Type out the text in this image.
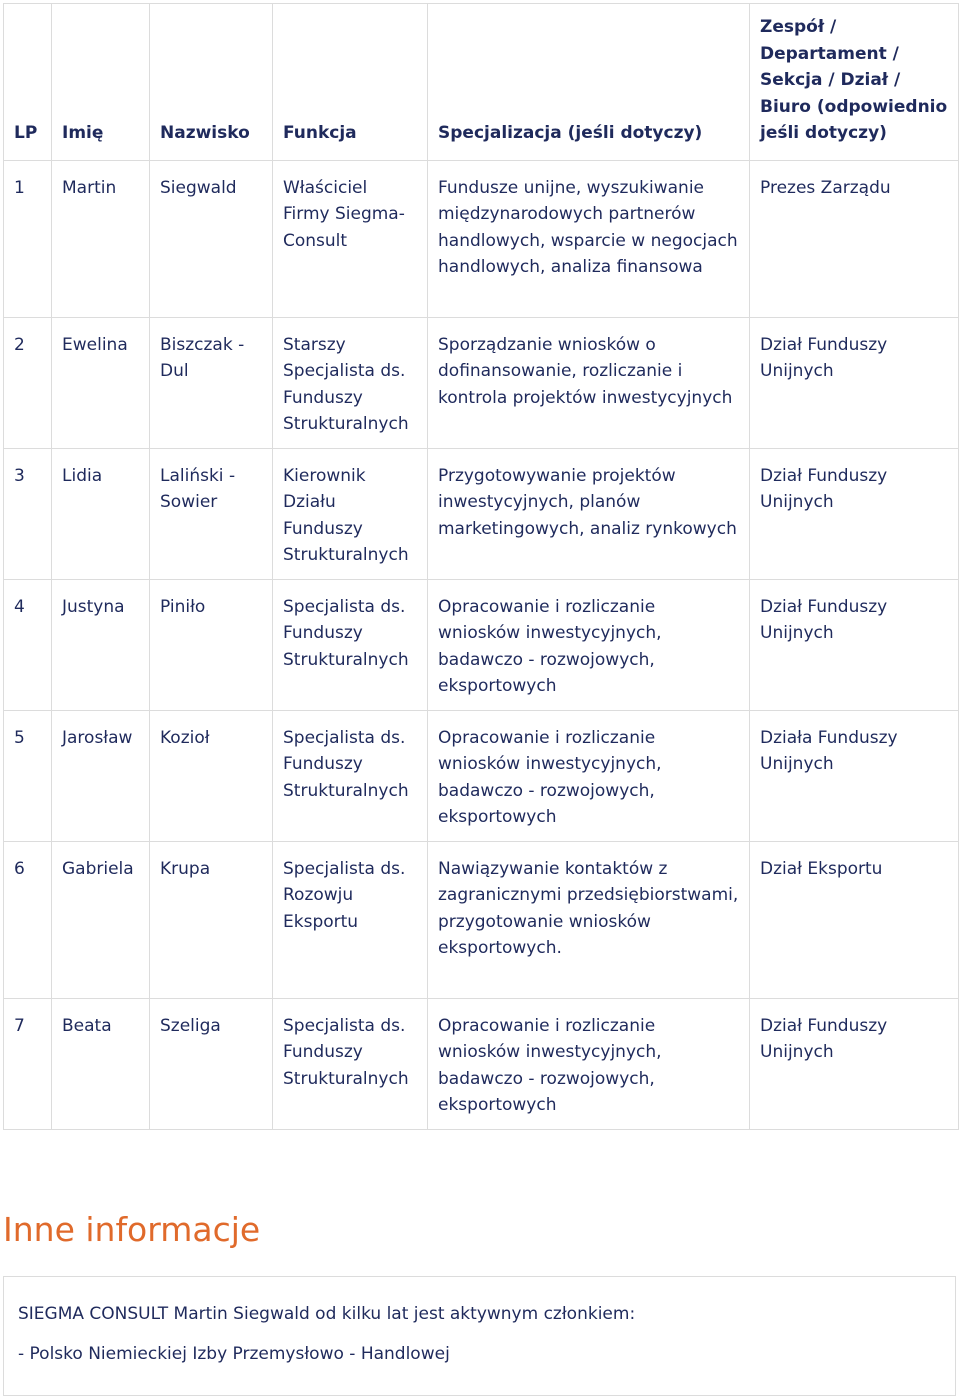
LP	Imię	Nazwisko	Funkcja	Specjalizacja (jeśli dotyczy)	Zespół / Departament / Sekcja / Dział / Biuro (odpowiednio jeśli dotyczy)
1	Martin	Siegwald	Właściciel Firmy Siegma-Consult	Fundusze unijne, wyszukiwanie międzynarodowych partnerów handlowych, wsparcie w negocjach handlowych, analiza finansowa	Prezes Zarządu
2	Ewelina	Biszczak - Dul	Starszy Specjalista ds. Funduszy Strukturalnych	Sporządzanie wniosków o dofinansowanie, rozliczanie i kontrola projektów inwestycyjnych	Dział Funduszy Unijnych
3	Lidia	Laliński - Sowier	Kierownik Działu Funduszy Strukturalnych	Przygotowywanie projektów inwestycyjnych, planów marketingowych, analiz rynkowych	Dział Funduszy Unijnych
4	Justyna	Piniło	Specjalista ds. Funduszy Strukturalnych	Opracowanie i rozliczanie wniosków inwestycyjnych, badawczo - rozwojowych, eksportowych	Dział Funduszy Unijnych
5	Jarosław	Kozioł	Specjalista ds. Funduszy Strukturalnych	Opracowanie i rozliczanie wniosków inwestycyjnych, badawczo - rozwojowych, eksportowych	Działa Funduszy Unijnych
6	Gabriela	Krupa	Specjalista ds. Rozowju Eksportu	Nawiązywanie kontaktów z zagranicznymi przedsiębiorstwami, przygotowanie wniosków eksportowych.	Dział Eksportu
7	Beata	Szeliga	Specjalista ds. Funduszy Strukturalnych	Opracowanie i rozliczanie wniosków inwestycyjnych, badawczo - rozwojowych, eksportowych	Dział Funduszy Unijnych
Inne informacje

SIEGMA CONSULT Martin Siegwald od kilku lat jest aktywnym członkiem:

- Polsko Niemieckiej Izby Przemysłowo - Handlowej
